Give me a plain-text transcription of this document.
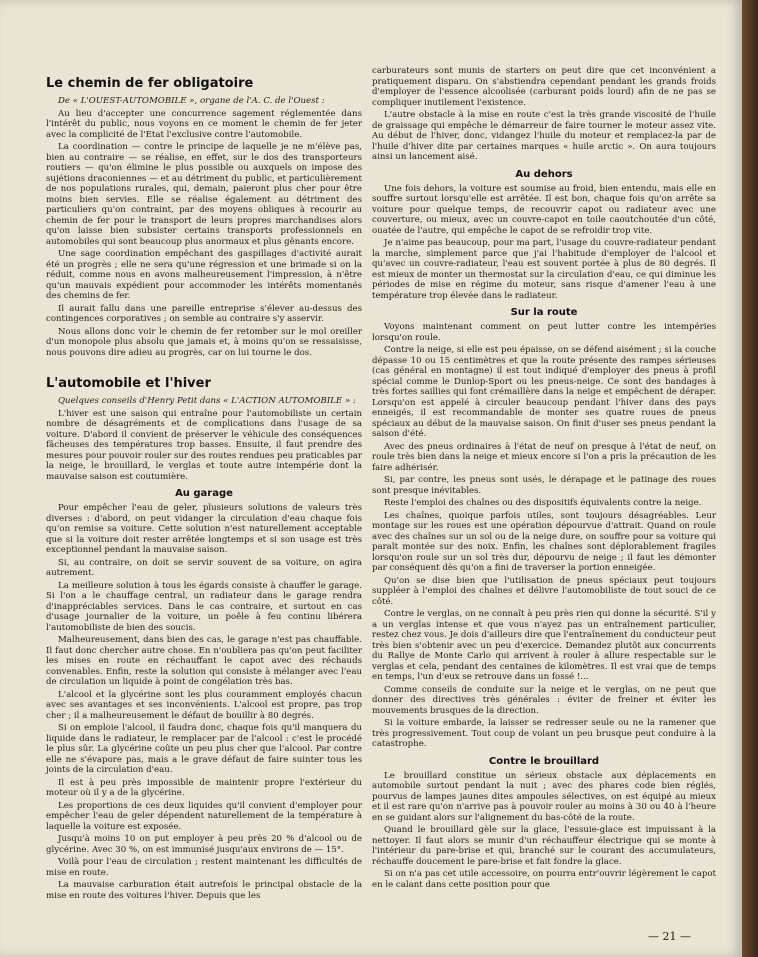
Le chemin de fer obligatoire

De « L'OUEST-AUTOMOBILE », organe de l'A. C. de l'Ouest :

Au lieu d'accepter une concurrence sagement réglementée dans l'intérêt du public, nous voyons en ce moment le chemin de fer jeter avec la complicité de l'Etat l'exclusive contre l'automobile.

La coordination — contre le principe de laquelle je ne m'élève pas, bien au contraire — se réalise, en effet, sur le dos des transporteurs routiers — qu'on élimine le plus possible ou auxquels on impose des sujétions draconiennes — et au détriment du public, et particulièrement de nos populations rurales, qui, demain, paieront plus cher pour être moins bien servies. Elle se réalise également au détriment des particuliers qu'on contraint, par des moyens obliques à recourir au chemin de fer pour le transport de leurs propres marchandises alors qu'on laisse bien subsister certains transports professionnels en automobiles qui sont beaucoup plus anormaux et plus gênants encore.

Une sage coordination empêchant des gaspillages d'activité aurait été un progrès ; elle ne sera qu'une régression et une brimade si on la réduit, comme nous en avons malheureusement l'impression, à n'être qu'un mauvais expédient pour accommoder les intérêts momentanés des chemins de fer.

Il aurait fallu dans une pareille entreprise s'élever au-dessus des contingences corporatives ; on semble au contraire s'y asservir.

Nous allons donc voir le chemin de fer retomber sur le mol oreiller d'un monopole plus absolu que jamais et, à moins qu'on se ressaisisse, nous pouvons dire adieu au progrès, car on lui tourne le dos.

L'automobile et l'hiver

Quelques conseils d'Henry Petit dans « L'ACTION AUTOMOBILE » :

L'hiver est une saison qui entraîne pour l'automobiliste un certain nombre de désagréments et de complications dans l'usage de sa voiture. D'abord il convient de préserver le véhicule des conséquences fâcheuses des températures trop basses. Ensuite, il faut prendre des mesures pour pouvoir rouler sur des routes rendues peu praticables par la neige, le brouillard, le verglas et toute autre intempérie dont la mauvaise saison est coutumière.

Au garage

Pour empêcher l'eau de geler, plusieurs solutions de valeurs très diverses : d'abord, on peut vidanger la circulation d'eau chaque fois qu'on remise sa voiture. Cette solution n'est naturellement acceptable que si la voiture doit rester arrêtée longtemps et si son usage est très exceptionnel pendant la mauvaise saison.

Si, au contraire, on doit se servir souvent de sa voiture, on agira autrement.

La meilleure solution à tous les égards consiste à chauffer le garage. Si l'on a le chauffage central, un radiateur dans le garage rendra d'inappréciables services. Dans le cas contraire, et surtout en cas d'usage journalier de la voiture, un poêle à feu continu libérera l'automobiliste de bien des soucis.

Malheureusement, dans bien des cas, le garage n'est pas chauffable. Il faut donc chercher autre chose. En n'oubliera pas qu'on peut faciliter les mises en route en réchauffant le capot avec des réchauds convenables. Enfin, reste la solution qui consiste à mélanger avec l'eau de circulation un liquide à point de congélation très bas.

L'alcool et la glycérine sont les plus couramment employés chacun avec ses avantages et ses inconvénients. L'alcool est propre, pas trop cher ; il a malheureusement le défaut de bouillir à 80 degrés.

Si on emploie l'alcool, il faudra donc, chaque fois qu'il manquera du liquide dans le radiateur, le remplacer par de l'alcool : c'est le procédé le plus sûr. La glycérine coûte un peu plus cher que l'alcool. Par contre elle ne s'évapore pas, mais a le grave défaut de faire suinter tous les joints de la circulation d'eau.

Il est à peu près impossible de maintenir propre l'extérieur du moteur où il y a de la glycérine.

Les proportions de ces deux liquides qu'il convient d'employer pour empêcher l'eau de geler dépendent naturellement de la température à laquelle la voiture est exposée.

Jusqu'à moins 10 on put employer à peu près 20 % d'alcool ou de glycérine. Avec 30 %, on est immunisé jusqu'aux environs de — 15°.

Voilà pour l'eau de circulation ; restent maintenant les difficultés de mise en route.

La mauvaise carburation était autrefois le principal obstacle de la mise en route des voitures l'hiver. Depuis que les

carburateurs sont munis de starters on peut dire que cet inconvénient a pratiquement disparu. On s'abstiendra cependant pendant les grands froids d'employer de l'essence alcoolisée (carburant poids lourd) afin de ne pas se compliquer inutilement l'existence.

L'autre obstacle à la mise en route c'est la très grande viscosité de l'huile de graissage qui empêche le démarreur de faire tourner le moteur assez vite. Au début de l'hiver, donc, vidangez l'huile du moteur et remplacez-la par de l'huile d'hiver dite par certaines marques « huile arctic ». On aura toujours ainsi un lancement aisé.

Au dehors

Une fois dehors, la voiture est soumise au froid, bien entendu, mais elle en souffre surtout lorsqu'elle est arrêtée. Il est bon, chaque fois qu'on arrête sa voiture pour quelque temps, de recouvrir capot ou radiateur avec une couverture, ou mieux, avec un couvre-capot en toile caoutchoutée d'un côté, ouatée de l'autre, qui empêche le capot de se refroidir trop vite.

Je n'aime pas beaucoup, pour ma part, l'usage du couvre-radiateur pendant la marche, simplement parce que j'ai l'habitude d'employer de l'alcool et qu'avec un couvre-radiateur, l'eau est souvent portée à plus de 80 degrés. Il est mieux de monter un thermostat sur la circulation d'eau, ce qui diminue les périodes de mise en régime du moteur, sans risque d'amener l'eau à une température trop élevée dans le radiateur.

Sur la route

Voyons maintenant comment on peut lutter contre les intempéries lorsqu'on roule.

Contre la neige, si elle est peu épaisse, on se défend aisément ; si la couche dépasse 10 ou 15 centimètres et que la route présente des rampes sérieuses (cas général en montagne) il est tout indiqué d'employer des pneus à profil spécial comme le Dunlop-Sport ou les pneus-neige. Ce sont des bandages à très fortes saillies qui font crémaillère dans la neige et empêchent de déraper. Lorsqu'on est appelé à circuler beaucoup pendant l'hiver dans des pays enneigés, il est recommandable de monter ses quatre roues de pneus spéciaux au début de la mauvaise saison. On finit d'user ses pneus pendant la saison d'été.

Avec des pneus ordinaires à l'état de neuf on presque à l'état de neuf, on roule très bien dans la neige et mieux encore si l'on a pris la précaution de les faire adhérisér.

Si, par contre, les pneus sont usés, le dérapage et le patinage des roues sont presque inévitables.

Reste l'emploi des chaînes ou des dispositifs équivalents contre la neige.

Les chaînes, quoique parfois utiles, sont toujours désagréables. Leur montage sur les roues est une opération dépourvue d'attrait. Quand on roule avec des chaînes sur un sol ou de la neige dure, on souffre pour sa voiture qui paraît montée sur des noix. Enfin, les chaînes sont déplorablement fragiles lorsqu'on roule sur un sol très dur, dépourvu de neige ; il faut les démonter par conséquent dès qu'on a fini de traverser la portion enneigée.

Qu'on se dise bien que l'utilisation de pneus spéciaux peut toujours suppléer à l'emploi des chaînes et délivre l'automobiliste de tout souci de ce côté.

Contre le verglas, on ne connaît à peu près rien qui donne la sécurité. S'il y a un verglas intense et que vous n'ayez pas un entraînement particulier, restez chez vous. Je dois d'ailleurs dire que l'entraînement du conducteur peut très bien s'obtenir avec un peu d'exercice. Demandez plutôt aux concurrents du Rallye de Monte Carlo qui arrivent à rouler à allure respectable sur le verglas et cela, pendant des centaines de kilomètres. Il est vrai que de temps en temps, l'un d'eux se retrouve dans un fossé !...

Comme conseils de conduite sur la neige et le verglas, on ne peut que donner des directives très générales : éviter de freiner et éviter les mouvements brusques de la direction.

Si la voiture embarde, la laisser se redresser seule ou ne la ramener que très progressivement. Tout coup de volant un peu brusque peut conduire à la catastrophe.

Contre le brouillard

Le brouillard constitue un sérieux obstacle aux déplacements en automobile surtout pendant la nuit ; avec des phares code bien réglés, pourvus de lampes jaunes dites ampoules sélectives, on est équipé au mieux et il est rare qu'on n'arrive pas à pouvoir rouler au moins à 30 ou 40 à l'heure en se guidant alors sur l'alignement du bas-côté de la route.

Quand le brouillard gèle sur la glace, l'essuie-glace est impuissant à la nettoyer. Il faut alors se munir d'un réchauffeur électrique qui se monte à l'intérieur du pare-brise et qui, branché sur le courant des accumulateurs, réchauffe doucement le pare-brise et fait fondre la glace.

Si on n'a pas cet utile accessoire, on pourra entr'ouvrir légèrement le capot en le calant dans cette position pour que

— 21 —
